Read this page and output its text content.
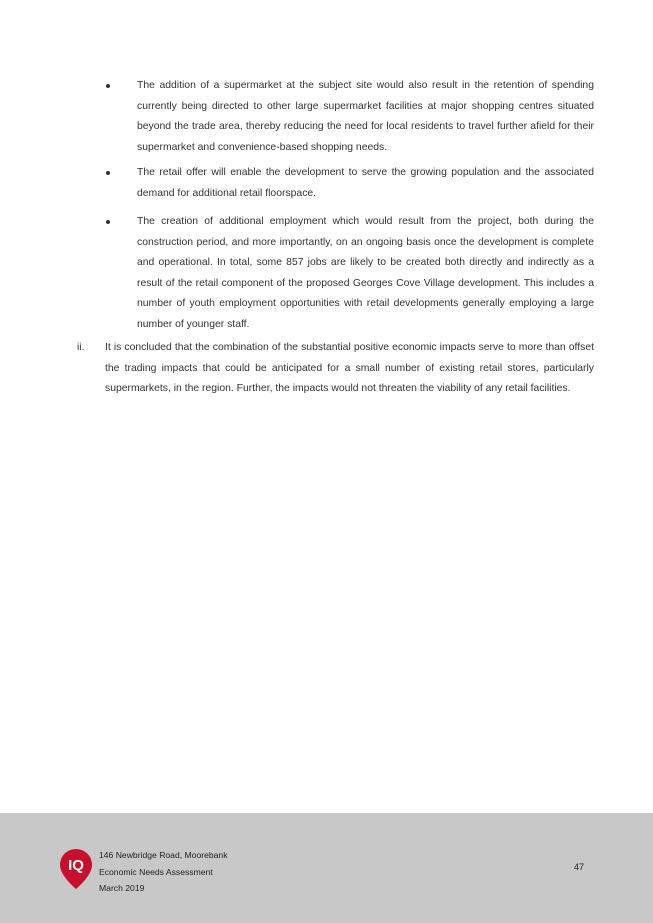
The addition of a supermarket at the subject site would also result in the retention of spending currently being directed to other large supermarket facilities at major shopping centres situated beyond the trade area, thereby reducing the need for local residents to travel further afield for their supermarket and convenience-based shopping needs.
The retail offer will enable the development to serve the growing population and the associated demand for additional retail floorspace.
The creation of additional employment which would result from the project, both during the construction period, and more importantly, on an ongoing basis once the development is complete and operational. In total, some 857 jobs are likely to be created both directly and indirectly as a result of the retail component of the proposed Georges Cove Village development. This includes a number of youth employment opportunities with retail developments generally employing a large number of younger staff.
ii. It is concluded that the combination of the substantial positive economic impacts serve to more than offset the trading impacts that could be anticipated for a small number of existing retail stores, particularly supermarkets, in the region. Further, the impacts would not threaten the viability of any retail facilities.
IQ
146 Newbridge Road, Moorebank
Economic Needs Assessment
March 2019
47
